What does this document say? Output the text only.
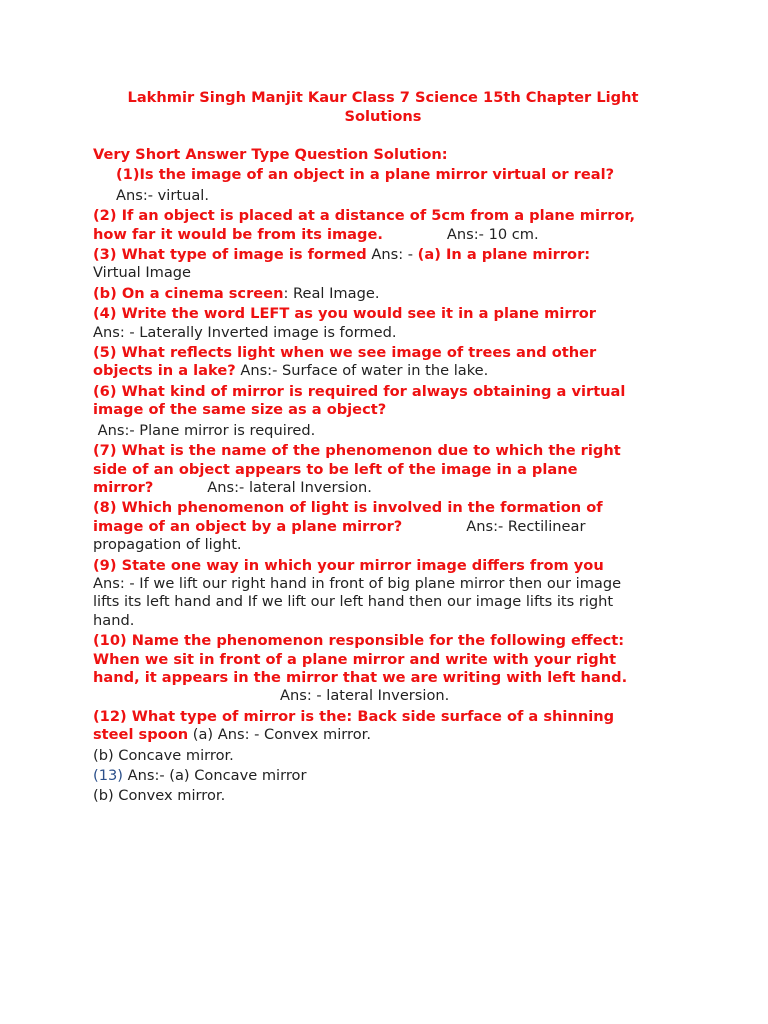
Lakhmir Singh Manjit Kaur Class 7 Science 15th Chapter Light
Solutions
Very Short Answer Type Question Solution:
(1)Is the image of an object in a plane mirror virtual or real?
Ans:- virtual.
(2) If an object is placed at a distance of 5cm from a plane mirror,
how far it would be from its image.	Ans:- 10 cm.
(3) What type of image is formed Ans: - (a) In a plane mirror:
Virtual Image
(b) On a cinema screen: Real Image.
(4) Write the word LEFT as you would see it in a plane mirror
Ans: - Laterally Inverted image is formed.
(5) What reflects light when we see image of trees and other
objects in a lake? Ans:- Surface of water in the lake.
(6) What kind of mirror is required for always obtaining a virtual
image of the same size as a object?
Ans:- Plane mirror is required.
(7) What is the name of the phenomenon due to which the right
side of an object appears to be left of the image in a plane
mirror?	Ans:- lateral Inversion.
(8) Which phenomenon of light is involved in the formation of
image of an object by a plane mirror?	Ans:- Rectilinear
propagation of light.
(9) State one way in which your mirror image differs from you
Ans: - If we lift our right hand in front of big plane mirror then our image
lifts its left hand and If we lift our left hand then our image lifts its right
hand.
(10) Name the phenomenon responsible for the following effect:
When we sit in front of a plane mirror and write with your right
hand, it appears in the mirror that we are writing with left hand.
Ans: - lateral Inversion.
(12) What type of mirror is the: Back side surface of a shinning
steel spoon (a) Ans: - Convex mirror.
(b) Concave mirror.
(13) Ans:- (a) Concave mirror
(b) Convex mirror.
